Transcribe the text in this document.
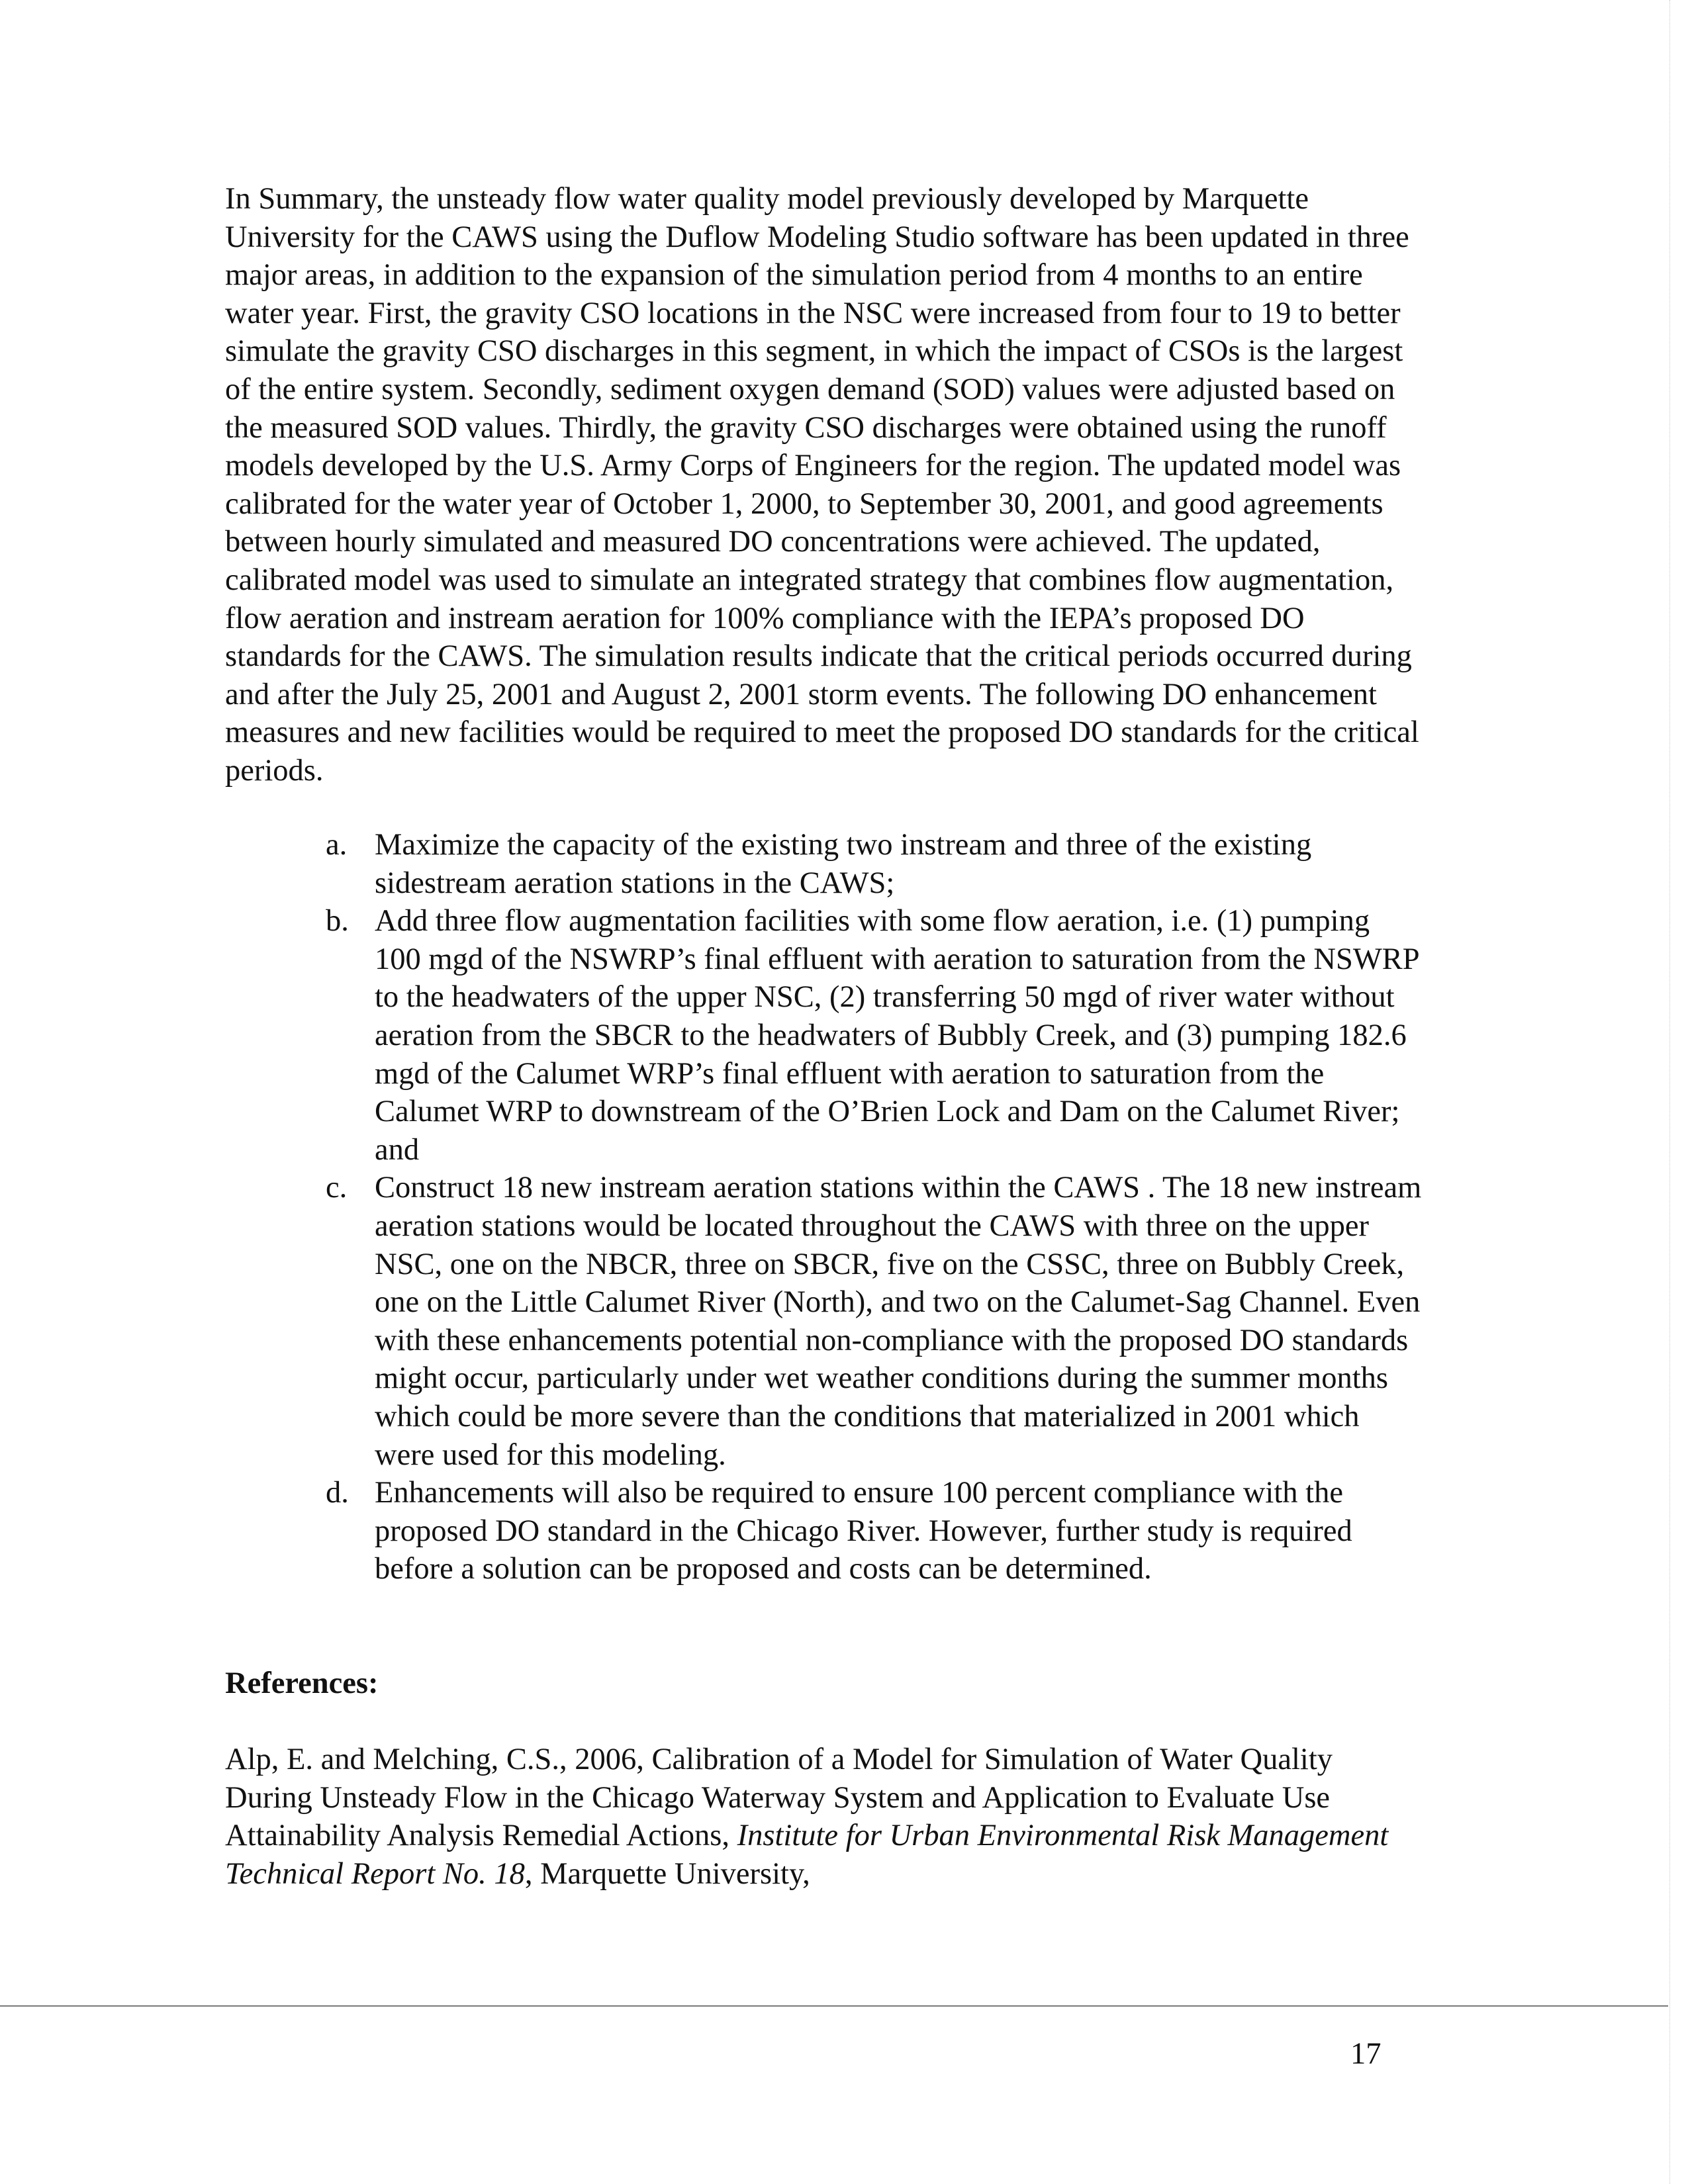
In Summary, the unsteady flow water quality model previously developed by Marquette University for the CAWS using the Duflow Modeling Studio software has been updated in three major areas, in addition to the expansion of the simulation period from 4 months to an entire water year. First, the gravity CSO locations in the NSC were increased from four to 19 to better simulate the gravity CSO discharges in this segment, in which the impact of CSOs is the largest of the entire system. Secondly, sediment oxygen demand (SOD) values were adjusted based on the measured SOD values. Thirdly, the gravity CSO discharges were obtained using the runoff models developed by the U.S. Army Corps of Engineers for the region. The updated model was calibrated for the water year of October 1, 2000, to September 30, 2001, and good agreements between hourly simulated and measured DO concentrations were achieved. The updated, calibrated model was used to simulate an integrated strategy that combines flow augmentation, flow aeration and instream aeration for 100% compliance with the IEPA’s proposed DO standards for the CAWS. The simulation results indicate that the critical periods occurred during and after the July 25, 2001 and August 2, 2001 storm events. The following DO enhancement measures and new facilities would be required to meet the proposed DO standards for the critical periods.

a. Maximize the capacity of the existing two instream and three of the existing sidestream aeration stations in the CAWS;
b. Add three flow augmentation facilities with some flow aeration, i.e. (1) pumping 100 mgd of the NSWRP’s final effluent with aeration to saturation from the NSWRP to the headwaters of the upper NSC, (2) transferring 50 mgd of river water without aeration from the SBCR to the headwaters of Bubbly Creek, and (3) pumping 182.6 mgd of the Calumet WRP’s final effluent with aeration to saturation from the Calumet WRP to downstream of the O’Brien Lock and Dam on the Calumet River; and
c. Construct 18 new instream aeration stations within the CAWS . The 18 new instream aeration stations would be located throughout the CAWS with three on the upper NSC, one on the NBCR, three on SBCR, five on the CSSC, three on Bubbly Creek, one on the Little Calumet River (North), and two on the Calumet-Sag Channel. Even with these enhancements potential non-compliance with the proposed DO standards might occur, particularly under wet weather conditions during the summer months which could be more severe than the conditions that materialized in 2001 which were used for this modeling.
d. Enhancements will also be required to ensure 100 percent compliance with the proposed DO standard in the Chicago River. However, further study is required before a solution can be proposed and costs can be determined.
References:

Alp, E. and Melching, C.S., 2006, Calibration of a Model for Simulation of Water Quality During Unsteady Flow in the Chicago Waterway System and Application to Evaluate Use Attainability Analysis Remedial Actions, Institute for Urban Environmental Risk Management Technical Report No. 18, Marquette University,

17
